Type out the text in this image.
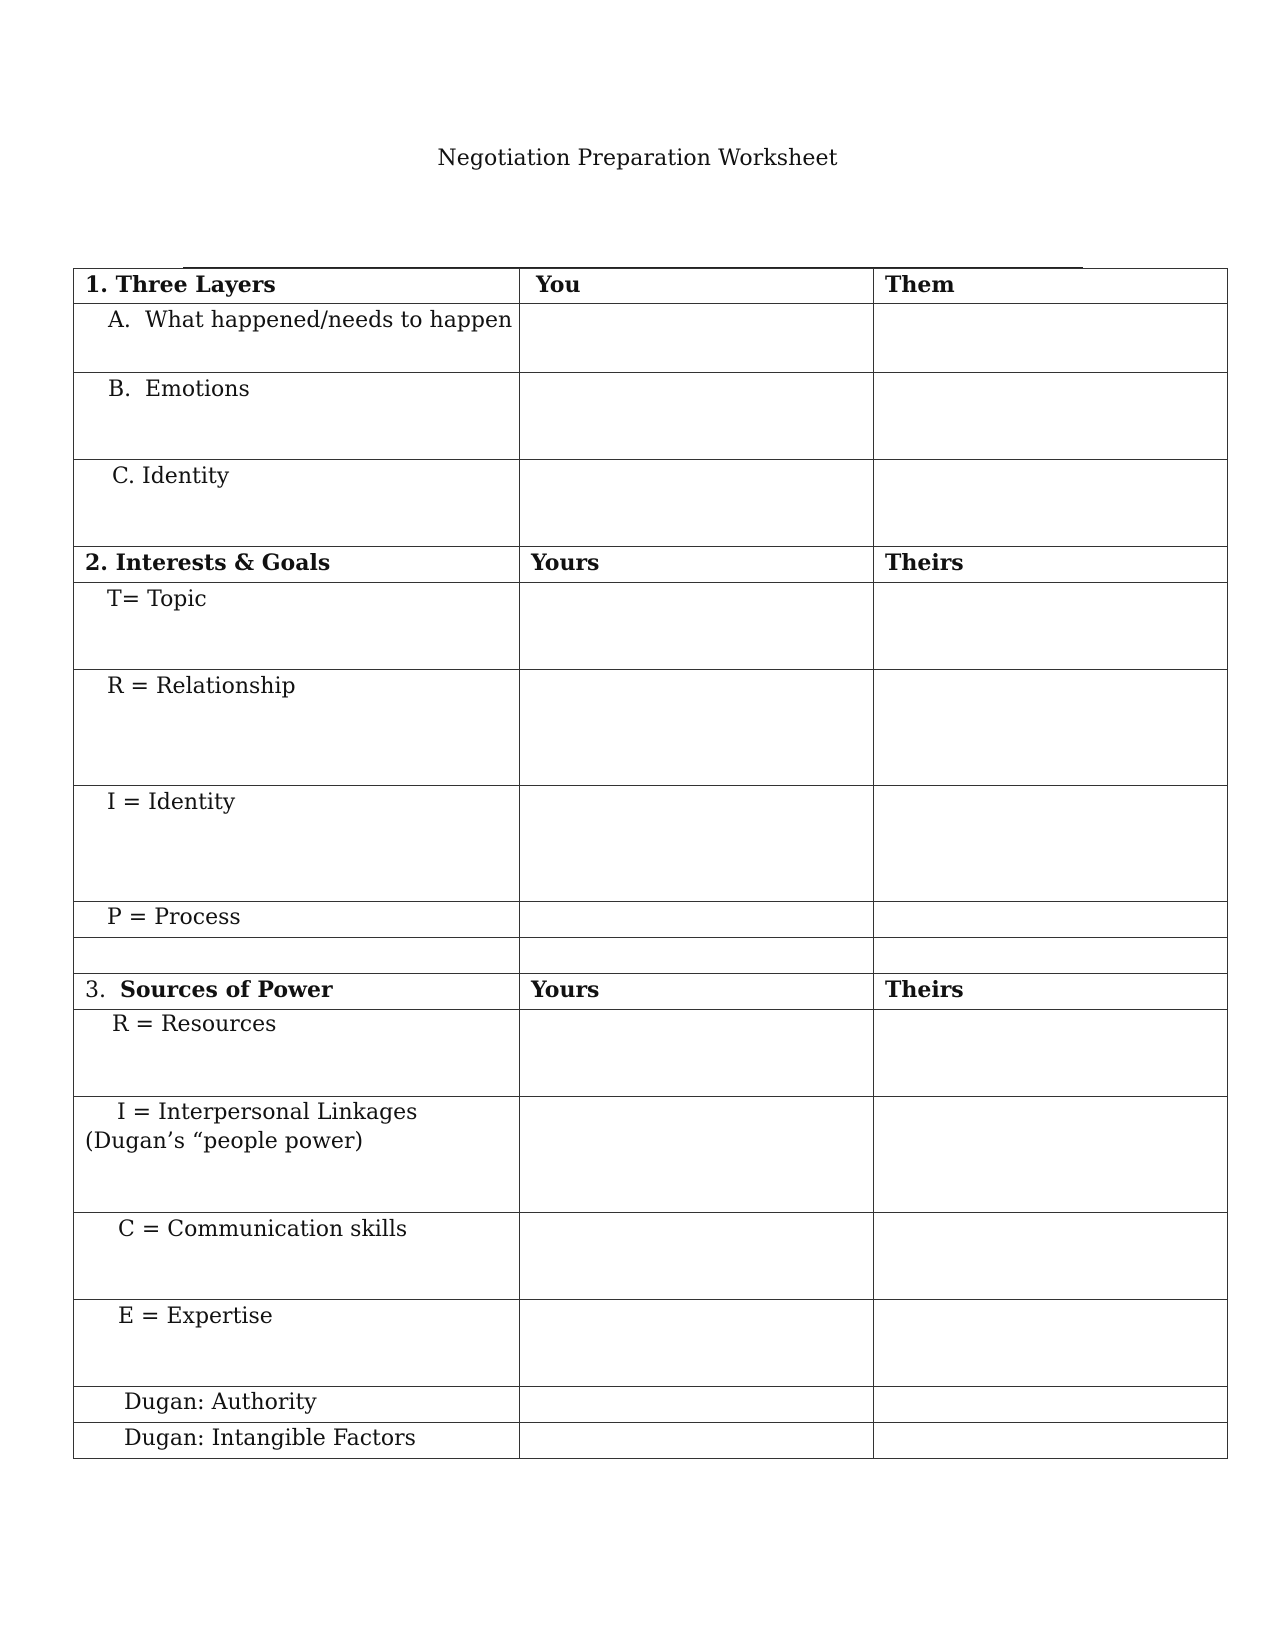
Negotiation Preparation Worksheet
1. Three Layers	You	Them

A. What happened/needs to happen		

B. Emotions		

C. Identity		

2. Interests & Goals	Yours	Theirs

T= Topic		

R = Relationship		

I = Identity		

P = Process		

3. Sources of Power	Yours	Theirs

R = Resources		

I = Interpersonal Linkages (Dugan’s “people power)		

C = Communication skills		

E = Expertise		

Dugan: Authority		

Dugan: Intangible Factors		
